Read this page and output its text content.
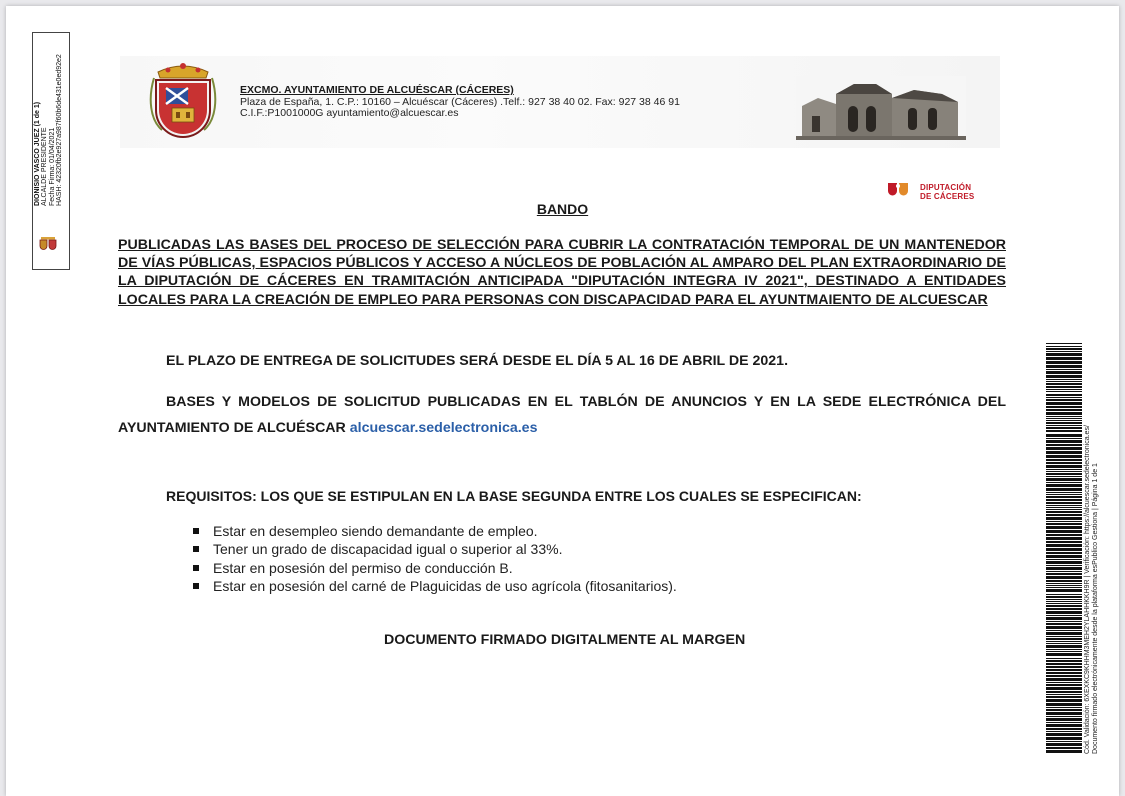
DIONISIO VASCO JUEZ (1 de 1) ALCALDE PRESIDENTE Fecha Firma: 01/04/2021 HASH: 42320fb2e927a987f60b6de431e0ed92e2	EXCMO. AYUNTAMIENTO DE ALCUÉSCAR (CÁCERES)
Plaza de España, 1. C.P.: 10160 – Alcuéscar (Cáceres) .Telf.: 927 38 40 02. Fax: 927 38 46 91
C.I.F.:P1001000G ayuntamiento@alcuescar.es
DIPUTACIÓN
DE CÁCERES
BANDO
PUBLICADAS LAS BASES DEL PROCESO DE SELECCIÓN PARA CUBRIR LA CONTRATACIÓN TEMPORAL DE UN MANTENEDOR DE VÍAS PÚBLICAS, ESPACIOS PÚBLICOS Y ACCESO A NÚCLEOS DE POBLACIÓN AL AMPARO DEL PLAN EXTRAORDINARIO DE LA DIPUTACIÓN DE CÁCERES EN TRAMITACIÓN ANTICIPADA "DIPUTACIÓN INTEGRA IV 2021", DESTINADO A ENTIDADES LOCALES PARA LA CREACIÓN DE EMPLEO PARA PERSONAS CON DISCAPACIDAD PARA EL AYUNTMAIENTO DE ALCUESCAR
EL PLAZO DE ENTREGA DE SOLICITUDES SERÁ DESDE EL DÍA 5 AL 16 DE ABRIL DE 2021.
BASES Y MODELOS DE SOLICITUD PUBLICADAS EN EL TABLÓN DE ANUNCIOS Y EN LA SEDE ELECTRÓNICA DEL AYUNTAMIENTO DE ALCUÉSCAR alcuescar.sedelectronica.es
REQUISITOS: LOS QUE SE ESTIPULAN EN LA BASE SEGUNDA ENTRE LOS CUALES SE ESPECIFICAN:
Estar en desempleo siendo demandante de empleo.
Tener un grado de discapacidad igual o superior al 33%.
Estar en posesión del permiso de conducción B.
Estar en posesión del carné de Plaguicidas de uso agrícola (fitosanitarios).
DOCUMENTO FIRMADO DIGITALMENTE AL MARGEN	Cód. Validación: 6XEXKC9KHHM3MEH2YLAHHKKH9R | Verificación: https://alcuescar.sedelectronica.es/ Documento firmado electrónicamente desde la plataforma esPublico Gestiona | Página 1 de 1
